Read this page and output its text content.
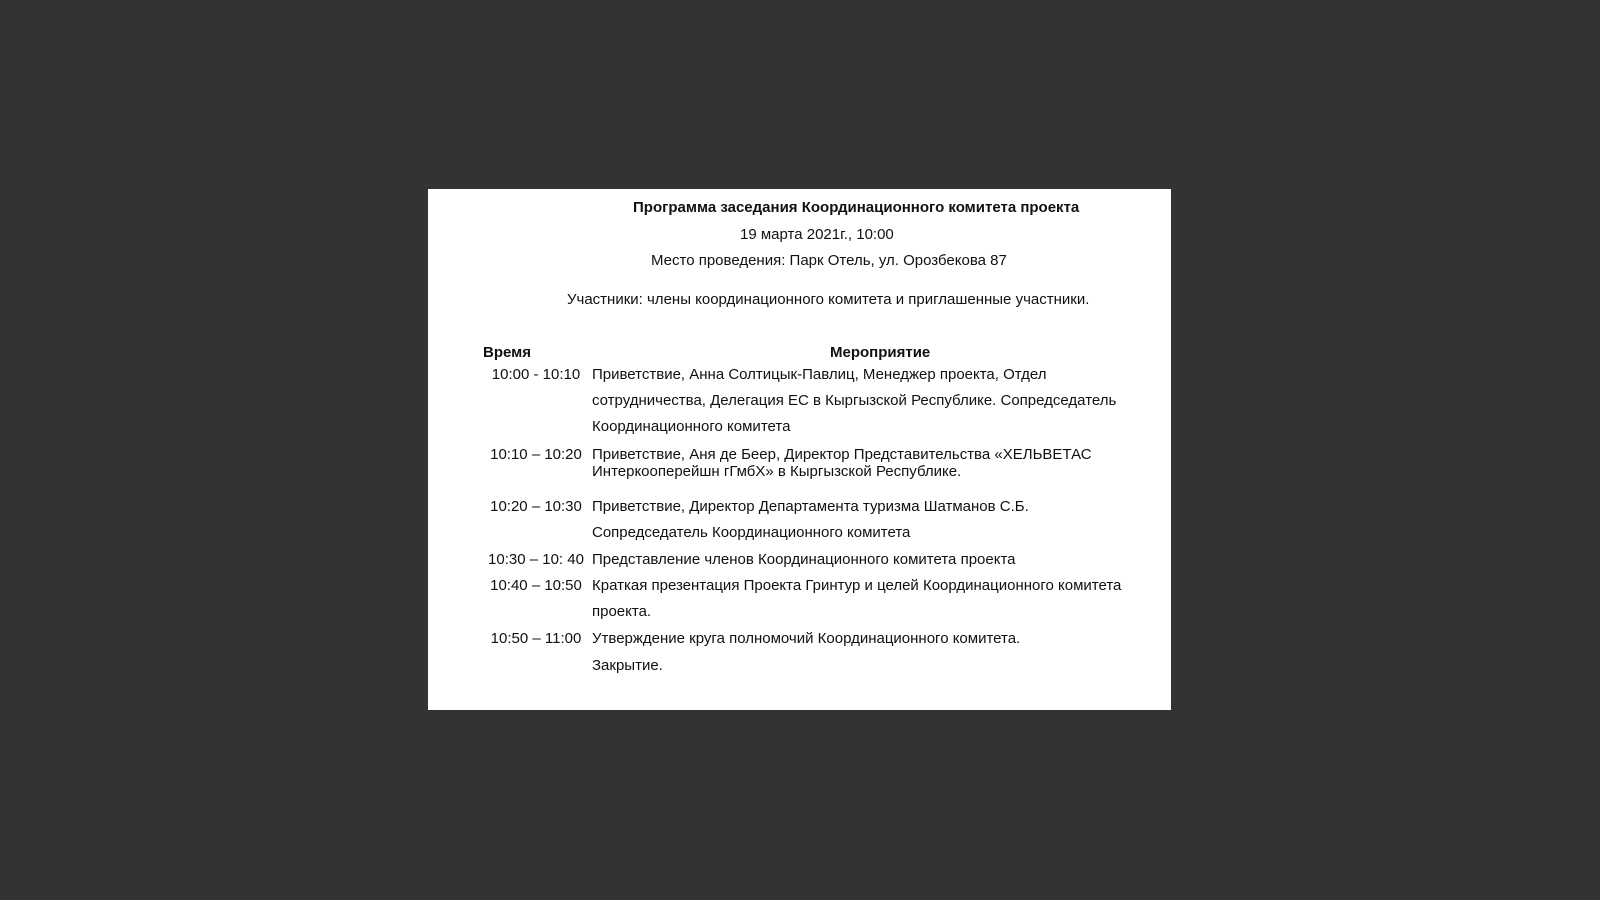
Программа заседания Координационного комитета проекта
19 марта 2021г., 10:00
Место проведения: Парк Отель, ул. Орозбекова 87
Участники: члены координационного комитета и приглашенные участники.
Время	Мероприятие
10:00 - 10:10 Приветствие, Анна Солтицык-Павлиц, Менеджер проекта, Отдел сотрудничества, Делегация ЕС в Кыргызской Республике. Сопредседатель Координационного комитета
10:10 – 10:20 Приветствие, Аня де Беер, Директор Представительства «ХЕЛЬВЕТАС Интеркооперейшн гГмбХ» в Кыргызской Республике.
10:20 – 10:30 Приветствие, Директор Департамента туризма Шатманов С.Б. Сопредседатель Координационного комитета
10:30 – 10: 40 Представление членов Координационного комитета проекта
10:40 – 10:50 Краткая презентация Проекта Гринтур и целей Координационного комитета проекта.
10:50 – 11:00 Утверждение круга полномочий Координационного комитета.
Закрытие.
